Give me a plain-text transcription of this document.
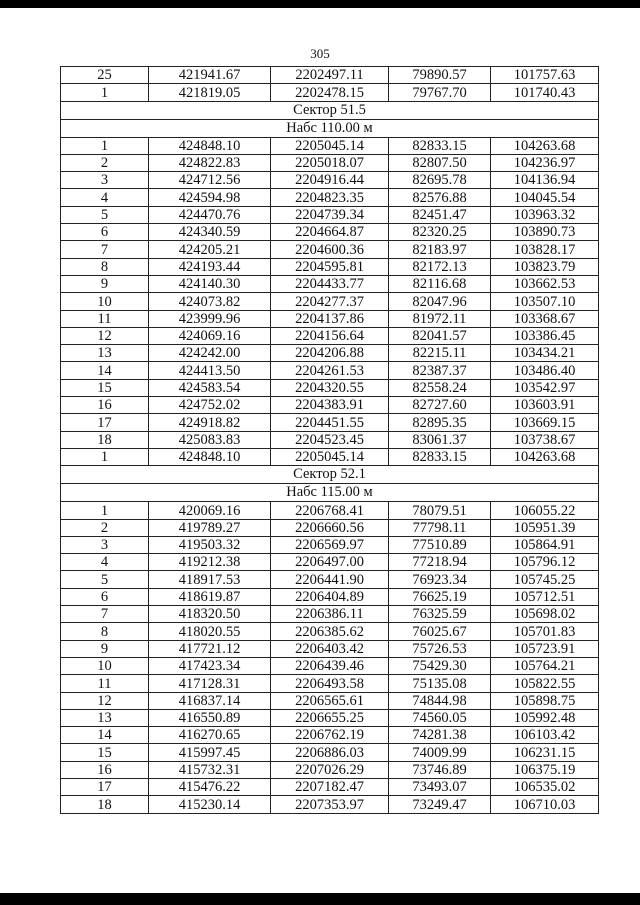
305
25	421941.67	2202497.11	79890.57	101757.63
1	421819.05	2202478.15	79767.70	101740.43
Сектор 51.5				
Набс 110.00 м				
1	424848.10	2205045.14	82833.15	104263.68
2	424822.83	2205018.07	82807.50	104236.97
3	424712.56	2204916.44	82695.78	104136.94
4	424594.98	2204823.35	82576.88	104045.54
5	424470.76	2204739.34	82451.47	103963.32
6	424340.59	2204664.87	82320.25	103890.73
7	424205.21	2204600.36	82183.97	103828.17
8	424193.44	2204595.81	82172.13	103823.79
9	424140.30	2204433.77	82116.68	103662.53
10	424073.82	2204277.37	82047.96	103507.10
11	423999.96	2204137.86	81972.11	103368.67
12	424069.16	2204156.64	82041.57	103386.45
13	424242.00	2204206.88	82215.11	103434.21
14	424413.50	2204261.53	82387.37	103486.40
15	424583.54	2204320.55	82558.24	103542.97
16	424752.02	2204383.91	82727.60	103603.91
17	424918.82	2204451.55	82895.35	103669.15
18	425083.83	2204523.45	83061.37	103738.67
1	424848.10	2205045.14	82833.15	104263.68
Сектор 52.1				
Набс 115.00 м				
1	420069.16	2206768.41	78079.51	106055.22
2	419789.27	2206660.56	77798.11	105951.39
3	419503.32	2206569.97	77510.89	105864.91
4	419212.38	2206497.00	77218.94	105796.12
5	418917.53	2206441.90	76923.34	105745.25
6	418619.87	2206404.89	76625.19	105712.51
7	418320.50	2206386.11	76325.59	105698.02
8	418020.55	2206385.62	76025.67	105701.83
9	417721.12	2206403.42	75726.53	105723.91
10	417423.34	2206439.46	75429.30	105764.21
11	417128.31	2206493.58	75135.08	105822.55
12	416837.14	2206565.61	74844.98	105898.75
13	416550.89	2206655.25	74560.05	105992.48
14	416270.65	2206762.19	74281.38	106103.42
15	415997.45	2206886.03	74009.99	106231.15
16	415732.31	2207026.29	73746.89	106375.19
17	415476.22	2207182.47	73493.07	106535.02
18	415230.14	2207353.97	73249.47	106710.03
